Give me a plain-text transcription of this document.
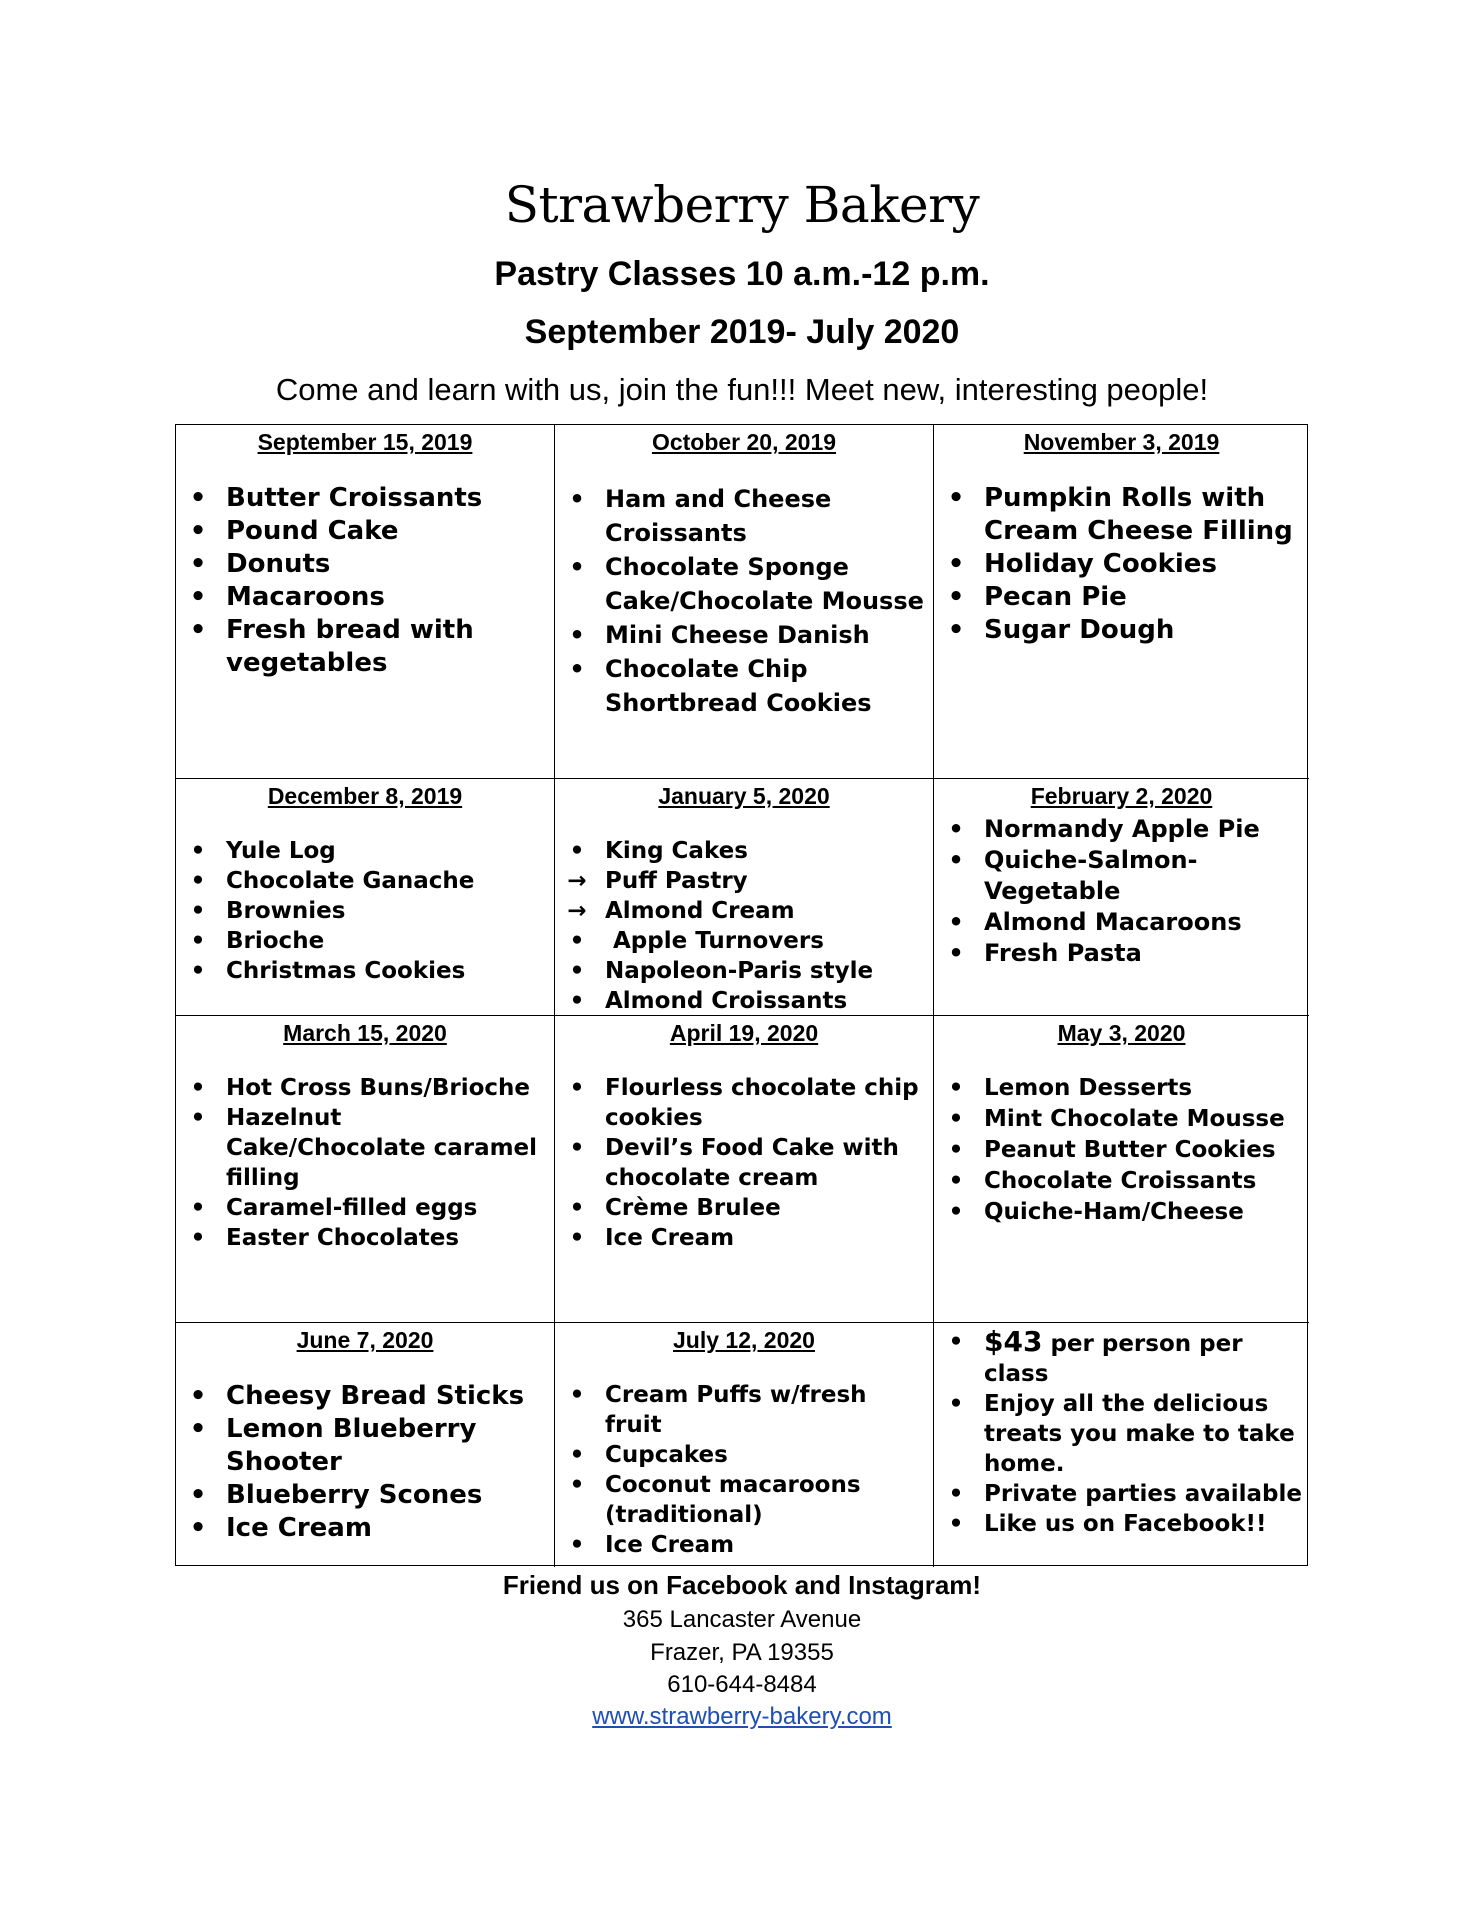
Strawberry Bakery
Pastry Classes 10 a.m.-12 p.m.
September 2019- July 2020
Come and learn with us, join the fun!!! Meet new, interesting people!
September 15, 2019
• Butter Croissants
• Pound Cake
• Donuts
• Macaroons
• Fresh bread with vegetables
October 20, 2019
• Ham and Cheese Croissants
• Chocolate Sponge Cake/Chocolate Mousse
• Mini Cheese Danish
• Chocolate Chip Shortbread Cookies
November 3, 2019
• Pumpkin Rolls with Cream Cheese Filling
• Holiday Cookies
• Pecan Pie
• Sugar Dough
December 8, 2019
• Yule Log
• Chocolate Ganache
• Brownies
• Brioche
• Christmas Cookies
January 5, 2020
• King Cakes
→ Puff Pastry
→ Almond Cream
• Apple Turnovers
• Napoleon-Paris style
• Almond Croissants
February 2, 2020
• Normandy Apple Pie
• Quiche-Salmon-Vegetable
• Almond Macaroons
• Fresh Pasta
March 15, 2020
• Hot Cross Buns/Brioche
• Hazelnut Cake/Chocolate caramel filling
• Caramel-filled eggs
• Easter Chocolates
April 19, 2020
• Flourless chocolate chip cookies
• Devil’s Food Cake with chocolate cream
• Crème Brulee
• Ice Cream
May 3, 2020
• Lemon Desserts
• Mint Chocolate Mousse
• Peanut Butter Cookies
• Chocolate Croissants
• Quiche-Ham/Cheese
June 7, 2020
• Cheesy Bread Sticks
• Lemon Blueberry Shooter
• Blueberry Scones
• Ice Cream
July 12, 2020
• Cream Puffs w/fresh fruit
• Cupcakes
• Coconut macaroons (traditional)
• Ice Cream
• $43 per person per class
• Enjoy all the delicious treats you make to take home.
• Private parties available
• Like us on Facebook!!
Friend us on Facebook and Instagram!
365 Lancaster Avenue
Frazer, PA 19355
610-644-8484
www.strawberry-bakery.com
